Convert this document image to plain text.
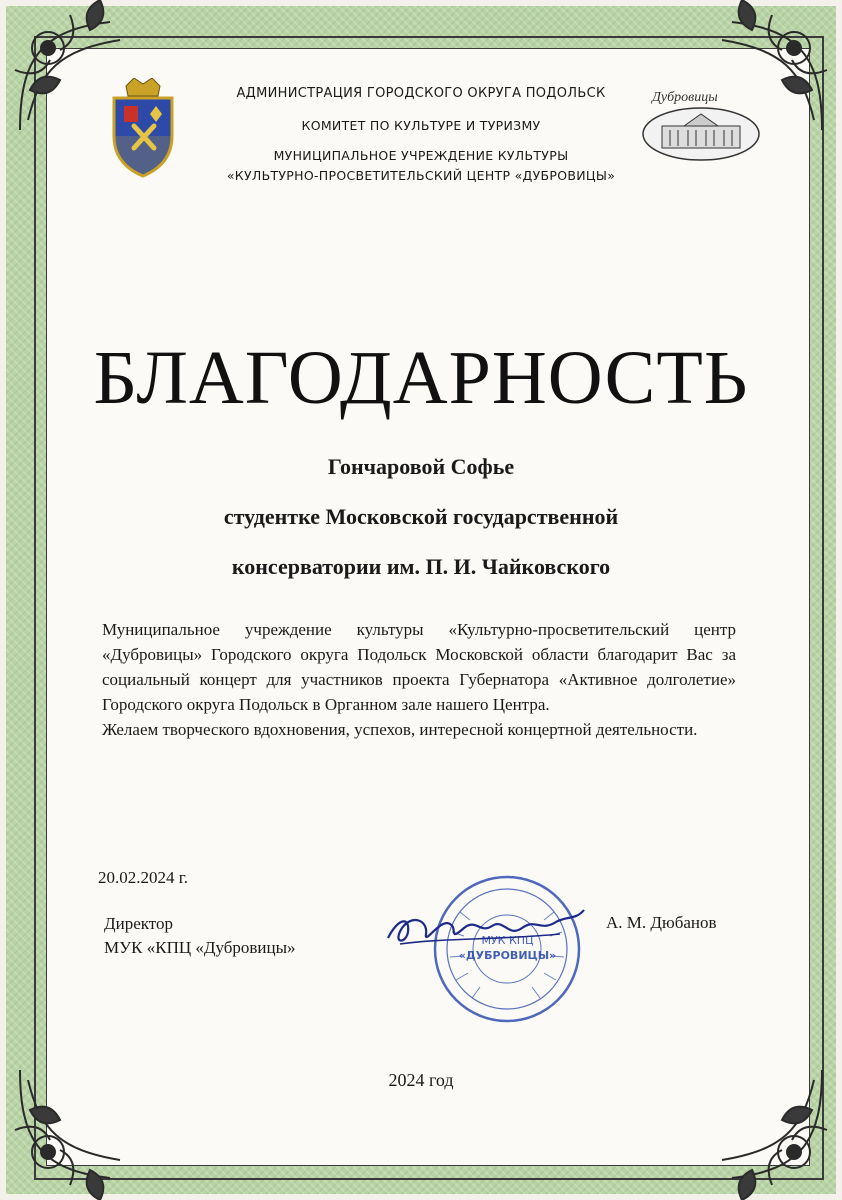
АДМИНИСТРАЦИЯ ГОРОДСКОГО ОКРУГА ПОДОЛЬСК
КОМИТЕТ ПО КУЛЬТУРЕ И ТУРИЗМУ
МУНИЦИПАЛЬНОЕ УЧРЕЖДЕНИЕ КУЛЬТУРЫ
«КУЛЬТУРНО-ПРОСВЕТИТЕЛЬСКИЙ ЦЕНТР «ДУБРОВИЦЫ»
Дубровицы
БЛАГОДАРНОСТЬ
Гончаровой Софье
студентке Московской государственной
консерватории им. П. И. Чайковского

Муниципальное учреждение культуры «Культурно-просветительский центр «Дубровицы» Городского округа Подольск Московской области благодарит Вас за социальный концерт для участников проекта Губернатора «Активное долголетие» Городского округа Подольск в Органном зале нашего Центра.

Желаем творческого вдохновения, успехов, интересной концертной деятельности.

20.02.2024 г.
Директор
МУК «КПЦ «Дубровицы»	МУК КПЦ
«ДУБРОВИЦЫ»
А. М. Дюбанов
2024 год
